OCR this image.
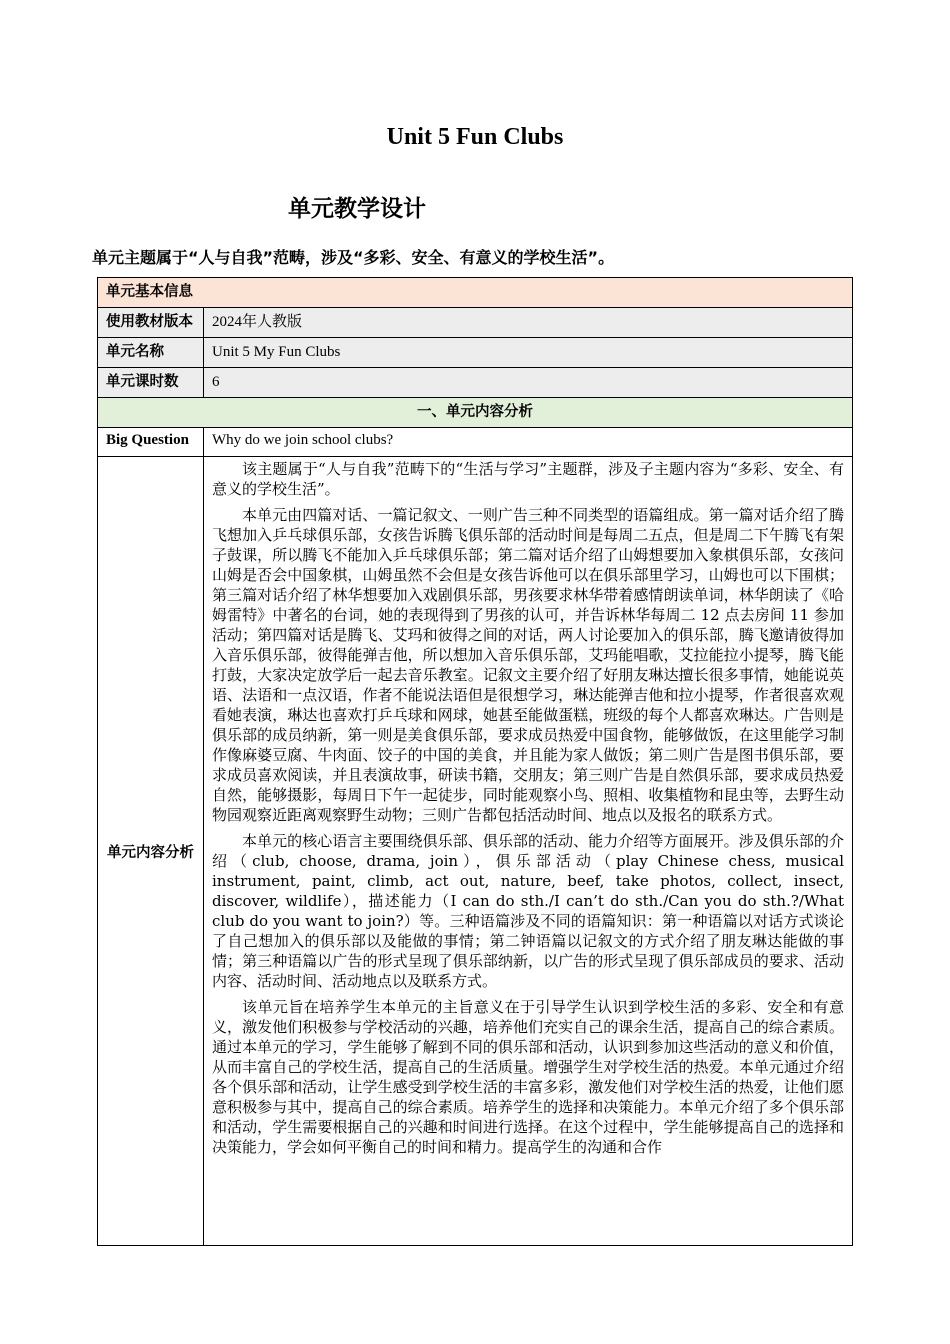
Unit 5 Fun Clubs
单元教学设计
单元主题属于“人与自我”范畴，涉及“多彩、安全、有意义的学校生活”。
单元基本信息	
使用教材版本	2024年人教版
单元名称	Unit 5 My Fun Clubs
单元课时数	6
一、单元内容分析	
Big Question	Why do we join school clubs?
单元内容分析	该主题属于“人与自我”范畴下的“生活与学习”主题群，涉及子主题内容为“多彩、安全、有意义的学校生活”。

本单元由四篇对话、一篇记叙文、一则广告三种不同类型的语篇组成。第一篇对话介绍了腾飞想加入乒乓球俱乐部，女孩告诉腾飞俱乐部的活动时间是每周二五点，但是周二下午腾飞有架子鼓课，所以腾飞不能加入乒乓球俱乐部；第二篇对话介绍了山姆想要加入象棋俱乐部，女孩问山姆是否会中国象棋，山姆虽然不会但是女孩告诉他可以在俱乐部里学习，山姆也可以下围棋；第三篇对话介绍了林华想要加入戏剧俱乐部，男孩要求林华带着感情朗读单词，林华朗读了《哈姆雷特》中著名的台词，她的表现得到了男孩的认可，并告诉林华每周二 12 点去房间 11 参加活动；第四篇对话是腾飞、艾玛和彼得之间的对话，两人讨论要加入的俱乐部，腾飞邀请彼得加入音乐俱乐部，彼得能弹吉他，所以想加入音乐俱乐部，艾玛能唱歌，艾拉能拉小提琴，腾飞能打鼓，大家决定放学后一起去音乐教室。记叙文主要介绍了好朋友琳达擅长很多事情，她能说英语、法语和一点汉语，作者不能说法语但是很想学习，琳达能弹吉他和拉小提琴，作者很喜欢观看她表演，琳达也喜欢打乒乓球和网球，她甚至能做蛋糕，班级的每个人都喜欢琳达。广告则是俱乐部的成员纳新，第一则是美食俱乐部，要求成员热爱中国食物，能够做饭，在这里能学习制作像麻婆豆腐、牛肉面、饺子的中国的美食，并且能为家人做饭；第二则广告是图书俱乐部，要求成员喜欢阅读，并且表演故事，研读书籍，交朋友；第三则广告是自然俱乐部，要求成员热爱自然，能够摄影，每周日下午一起徒步，同时能观察小鸟、照相、收集植物和昆虫等，去野生动物园观察近距离观察野生动物；三则广告都包括活动时间、地点以及报名的联系方式。

本单元的核心语言主要围绕俱乐部、俱乐部的活动、能力介绍等方面展开。涉及俱乐部的介绍（club, choose, drama, join），俱乐部活动（play Chinese chess, musical instrument, paint, climb, act out, nature, beef, take photos, collect, insect, discover, wildlife），描述能力（I can do sth./I can’t do sth./Can you do sth.?/What club do you want to join?）等。三种语篇涉及不同的语篇知识：第一种语篇以对话方式谈论了自己想加入的俱乐部以及能做的事情；第二钟语篇以记叙文的方式介绍了朋友琳达能做的事情；第三种语篇以广告的形式呈现了俱乐部纳新，以广告的形式呈现了俱乐部成员的要求、活动内容、活动时间、活动地点以及联系方式。

该单元旨在培养学生本单元的主旨意义在于引导学生认识到学校生活的多彩、安全和有意义，激发他们积极参与学校活动的兴趣，培养他们充实自己的课余生活，提高自己的综合素质。通过本单元的学习，学生能够了解到不同的俱乐部和活动，认识到参加这些活动的意义和价值，从而丰富自己的学校生活，提高自己的生活质量。增强学生对学校生活的热爱。本单元通过介绍各个俱乐部和活动，让学生感受到学校生活的丰富多彩，激发他们对学校生活的热爱，让他们愿意积极参与其中，提高自己的综合素质。培养学生的选择和决策能力。本单元介绍了多个俱乐部和活动，学生需要根据自己的兴趣和时间进行选择。在这个过程中，学生能够提高自己的选择和决策能力，学会如何平衡自己的时间和精力。提高学生的沟通和合作
